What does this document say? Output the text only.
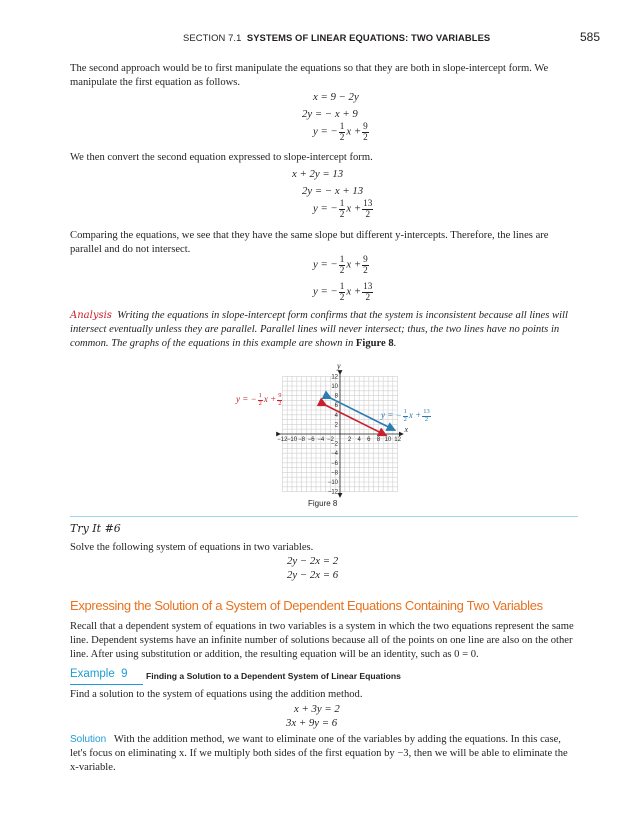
SECTION 7.1 SYSTEMS OF LINEAR EQUATIONS: TWO VARIABLES	585
The second approach would be to first manipulate the equations so that they are both in slope-intercept form. We manipulate the first equation as follows.
x = 9 − 2y
2y = − x + 9
y = − $\frac{1}{2}$ $x + \frac{9}{2}$
We then convert the second equation expressed to slope-intercept form.
x + 2y = 13
2y = − x + 13
y = − $\frac{1}{2}$ $x + \frac{13}{2}$
Comparing the equations, we see that they have the same slope but different y-intercepts. Therefore, the lines are parallel and do not intersect.
y = − $\frac{1}{2}$ $x + \frac{9}{2}$
y = − $\frac{1}{2}$ $x + \frac{13}{2}$
Analysis Writing the equations in slope-intercept form confirms that the system is inconsistent because all lines will intersect eventually unless they are parallel. Parallel lines will never intersect; thus, the two lines have no points in common. The graphs of the equations in this example are shown in Figure 8.
−12 −10 −8 −6 −4 −2 2 4 6 8 10 12
12
10
8
6
4
2
−2
−4
−6
−8
−10
−12
y
x
y = − $\frac{1}{2}$ $x + \frac{9}{2}$
y = − $\frac{1}{2}$ $x + \frac{13}{2}$
Figure 8
Try It #6
Solve the following system of equations in two variables.
2y − 2x = 2
2y − 2x = 6
Expressing the Solution of a System of Dependent Equations Containing Two Variables
Recall that a dependent system of equations in two variables is a system in which the two equations represent the same line. Dependent systems have an infinite number of solutions because all of the points on one line are also on the other line. After using substitution or addition, the resulting equation will be an identity, such as 0 = 0.
Example 9 Finding a Solution to a Dependent System of Linear Equations
Find a solution to the system of equations using the addition method.
x + 3y = 2
3x + 9y = 6
Solution With the addition method, we want to eliminate one of the variables by adding the equations. In this case, let's focus on eliminating x. If we multiply both sides of the first equation by −3, then we will be able to eliminate the x-variable.
